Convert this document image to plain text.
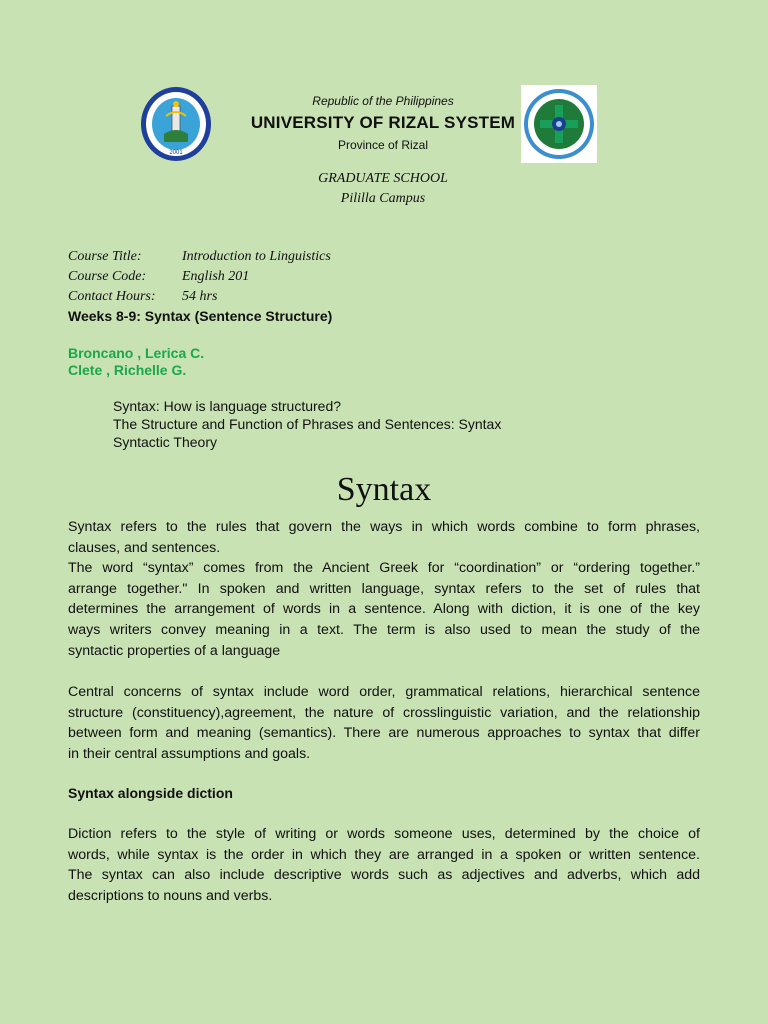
2001
Republic of the Philippines
UNIVERSITY OF RIZAL SYSTEM
Province of Rizal
GRADUATE SCHOOL
Pililla Campus
Course Title:	Introduction to Linguistics
Course Code:	English 201
Contact Hours: 54 hrs
Weeks 8-9: Syntax (Sentence Structure)
Broncano , Lerica C.
Clete , Richelle G.
Syntax: How is language structured?
The Structure and Function of Phrases and Sentences: Syntax
Syntactic Theory
Syntax
Syntax refers to the rules that govern the ways in which words combine to form phrases,
clauses, and sentences.
The word “syntax” comes from the Ancient Greek for “coordination” or “ordering together.”
arrange together." In spoken and written language, syntax refers to the set of rules that
determines the arrangement of words in a sentence. Along with diction, it is one of the key
ways writers convey meaning in a text. The term is also used to mean the study of the
syntactic properties of a language
Central concerns of syntax include word order, grammatical relations, hierarchical sentence
structure (constituency),agreement, the nature of crosslinguistic variation, and the relationship
between form and meaning (semantics). There are numerous approaches to syntax that differ
in their central assumptions and goals.
Syntax alongside diction
Diction refers to the style of writing or words someone uses, determined by the choice of
words, while syntax is the order in which they are arranged in a spoken or written sentence.
The syntax can also include descriptive words such as adjectives and adverbs, which add
descriptions to nouns and verbs.
